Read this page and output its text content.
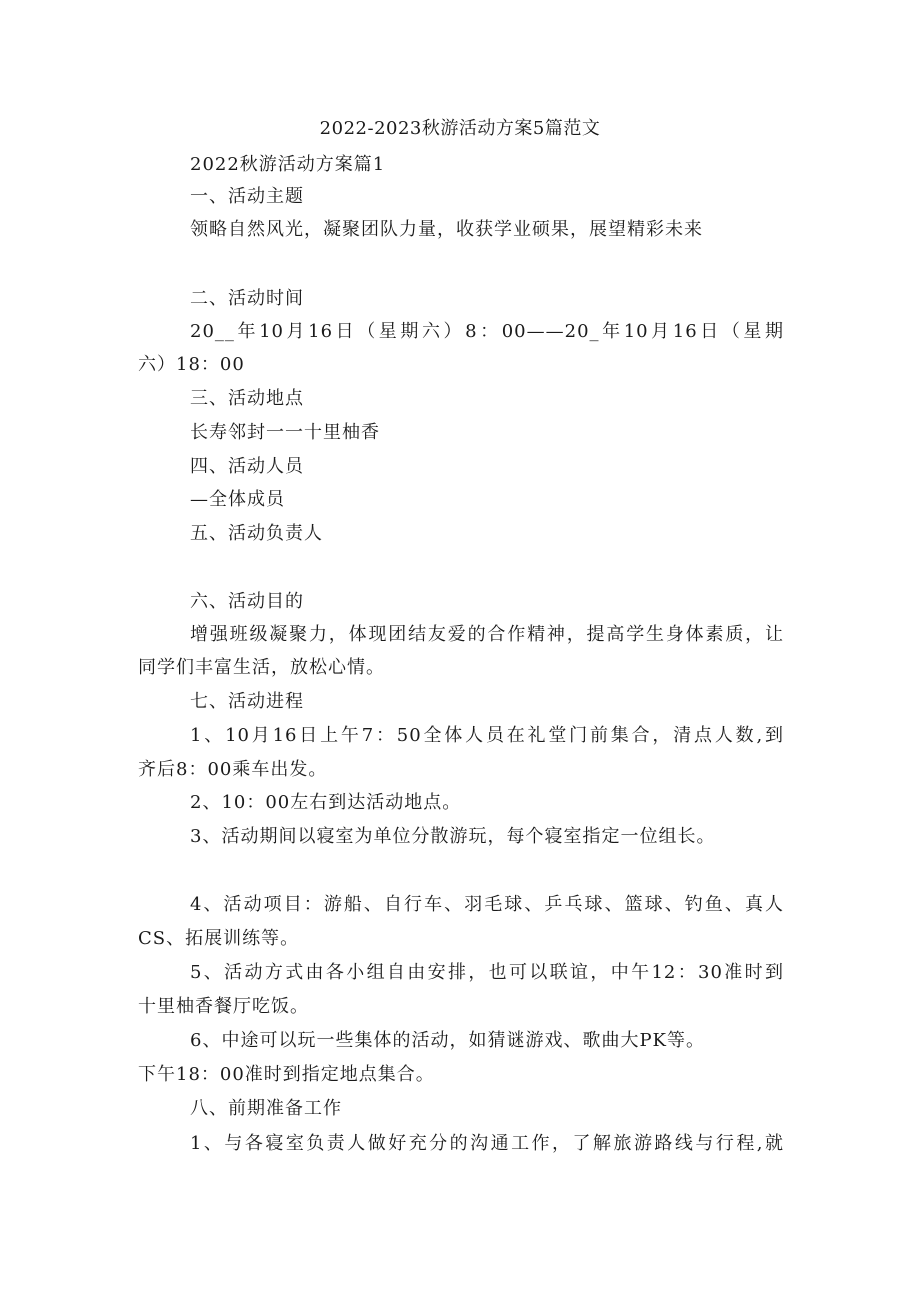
2022-2023秋游活动方案5篇范文
2022秋游活动方案篇1
一、活动主题
领略自然风光，凝聚团队力量，收获学业硕果，展望精彩未来
二、活动时间
20__年10月16日（星期六）8：00——20_年10月16日（星期
六）18：00
三、活动地点
长寿邻封一一十里柚香
四、活动人员
—全体成员
五、活动负责人
六、活动目的
增强班级凝聚力，体现团结友爱的合作精神，提高学生身体素质，让
同学们丰富生活，放松心情。
七、活动进程
1、10月16日上午7：50全体人员在礼堂门前集合，清点人数,到
齐后8：00乘车出发。
2、10：00左右到达活动地点。
3、活动期间以寝室为单位分散游玩，每个寝室指定一位组长。
4、活动项目：游船、自行车、羽毛球、乒乓球、篮球、钓鱼、真人
CS、拓展训练等。
5、活动方式由各小组自由安排，也可以联谊，中午12：30准时到
十里柚香餐厅吃饭。
6、中途可以玩一些集体的活动，如猜谜游戏、歌曲大PK等。
下午18：00准时到指定地点集合。
八、前期准备工作
1、与各寝室负责人做好充分的沟通工作，了解旅游路线与行程,就
